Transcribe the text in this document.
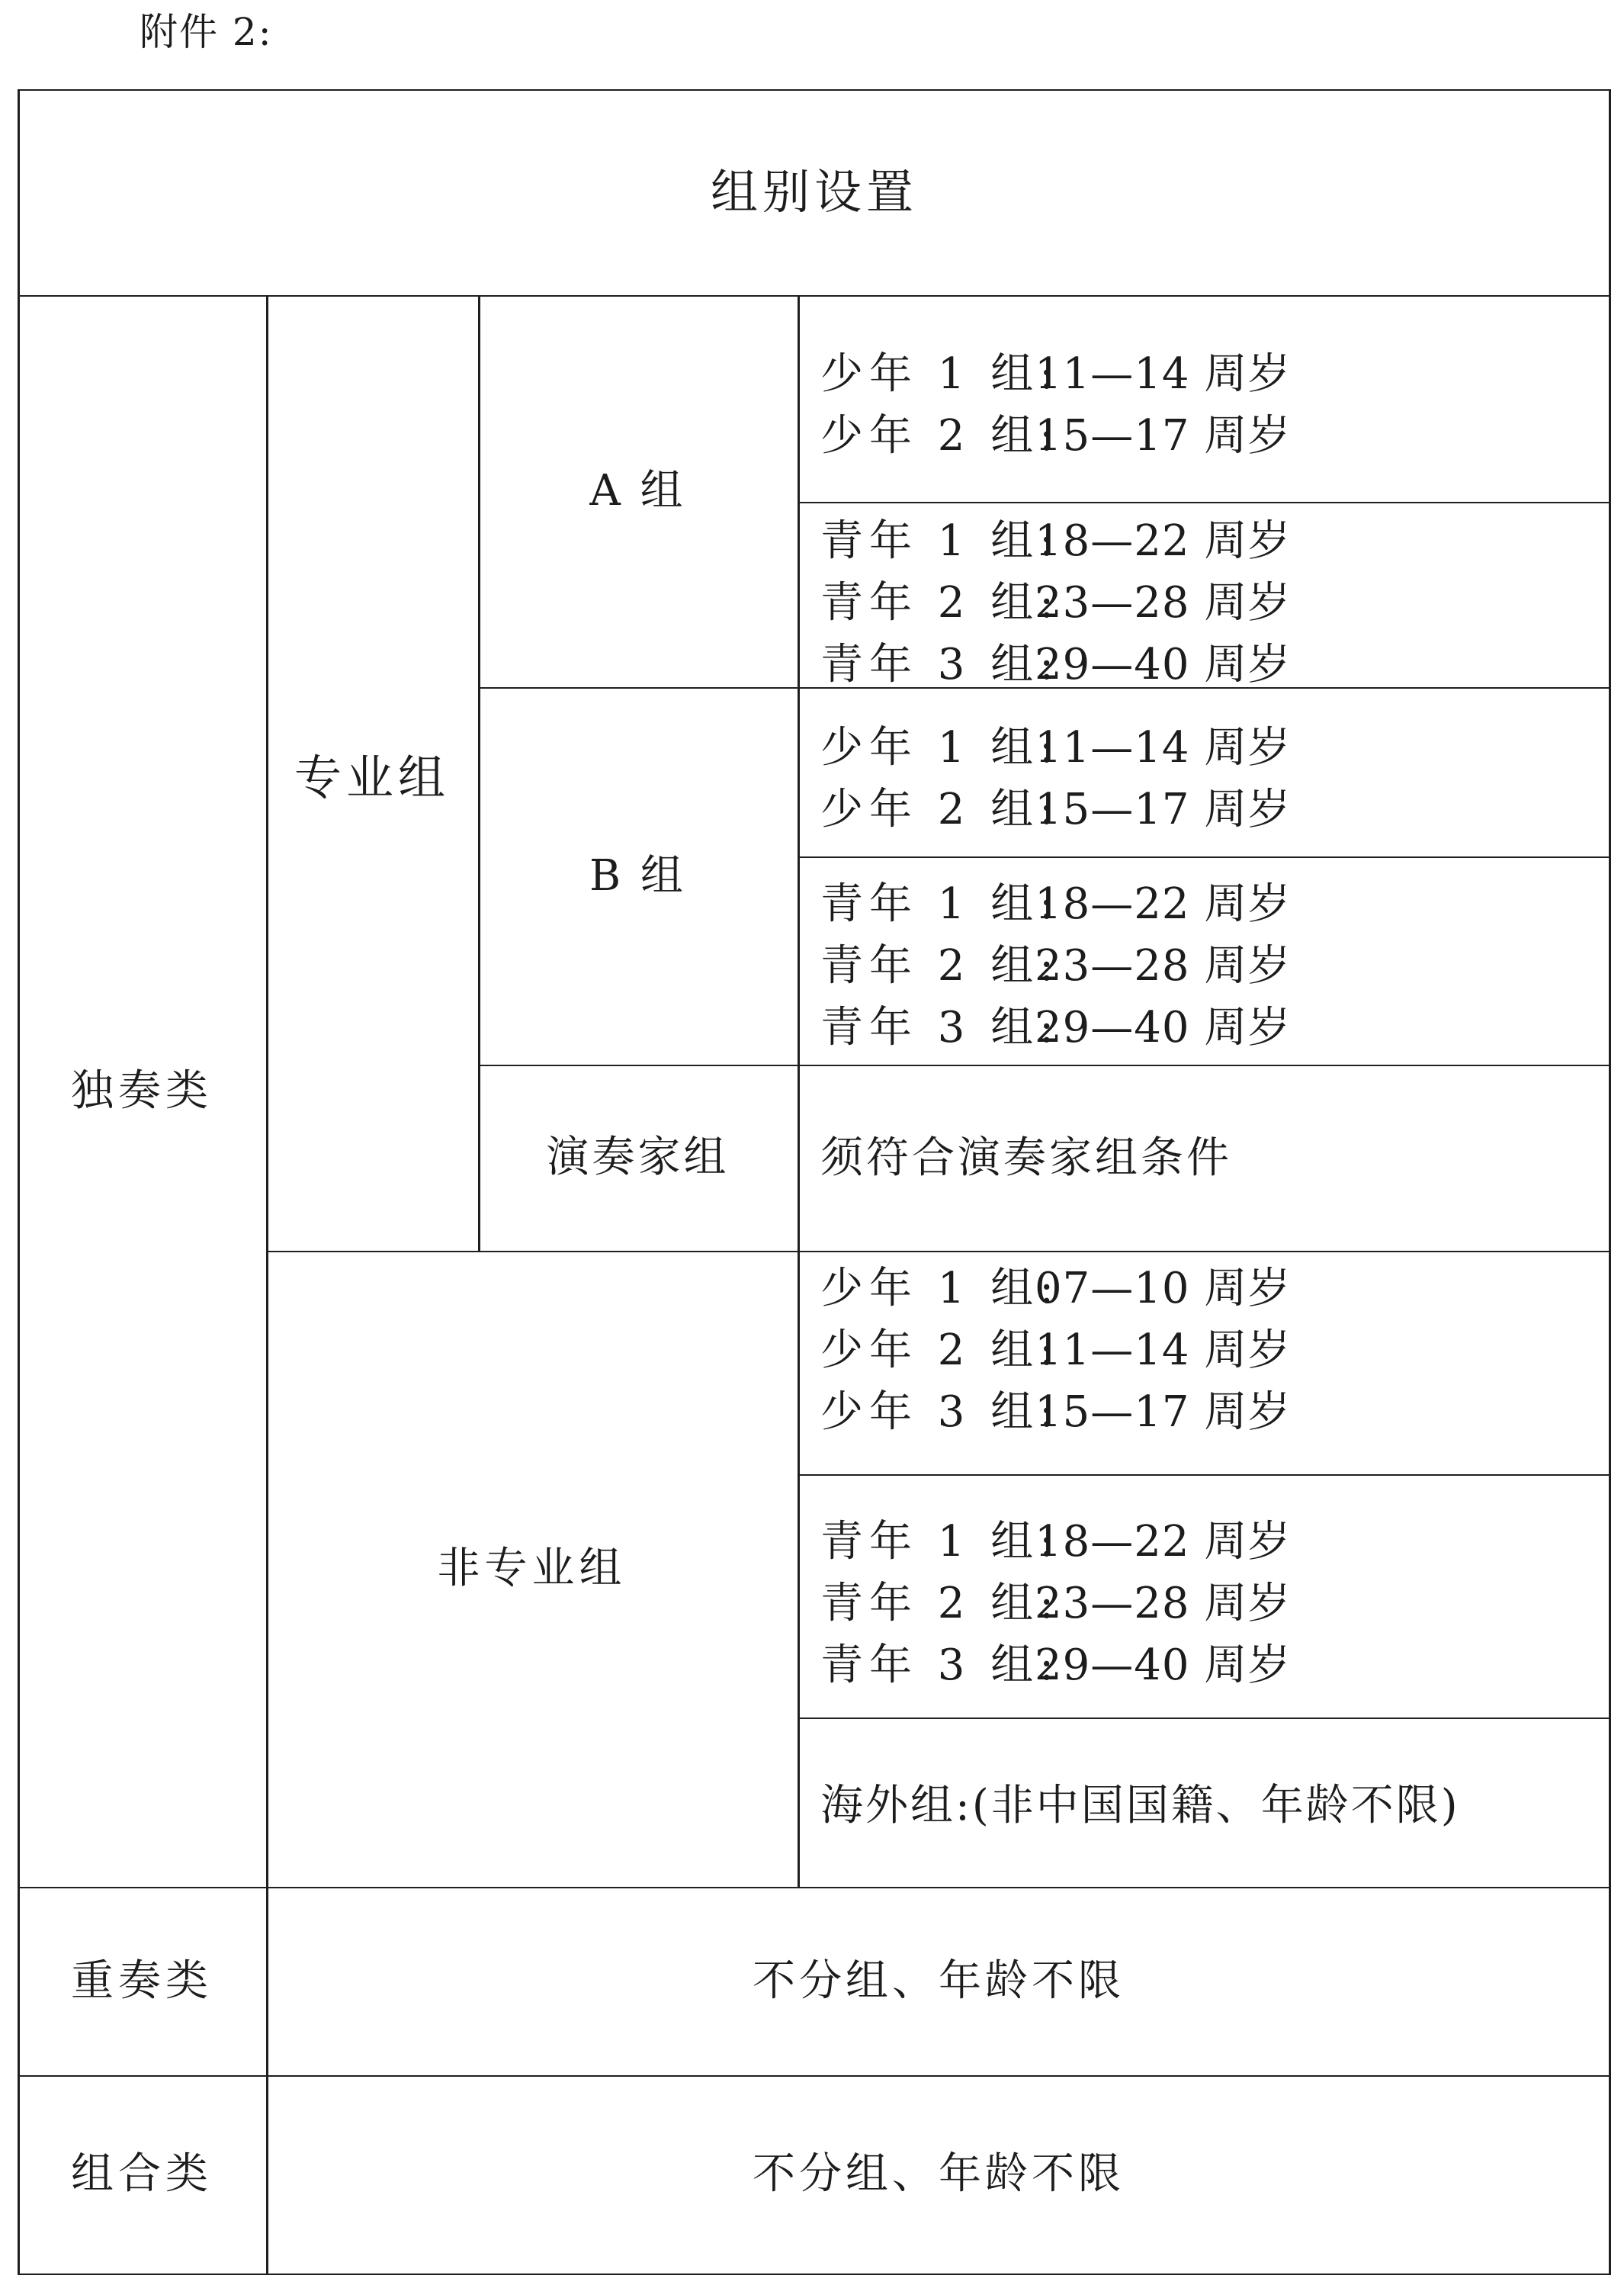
附件 2:
组别设置
独奏类
专业组
非专业组
A 组
B 组
演奏家组
少年 1 组:
11—14 周岁
少年 2 组:
15—17 周岁
青年 1 组:
18—22 周岁
青年 2 组:
23—28 周岁
青年 3 组:
29—40 周岁
少年 1 组:
11—14 周岁
少年 2 组:
15—17 周岁
青年 1 组:
18—22 周岁
青年 2 组:
23—28 周岁
青年 3 组:
29—40 周岁
须符合演奏家组条件
少年 1 组:
07—10 周岁
少年 2 组:
11—14 周岁
少年 3 组:
15—17 周岁
青年 1 组:
18—22 周岁
青年 2 组:
23—28 周岁
青年 3 组:
29—40 周岁
海外组:(非中国国籍、年龄不限)
重奏类	不分组、年龄不限
组合类	不分组、年龄不限
